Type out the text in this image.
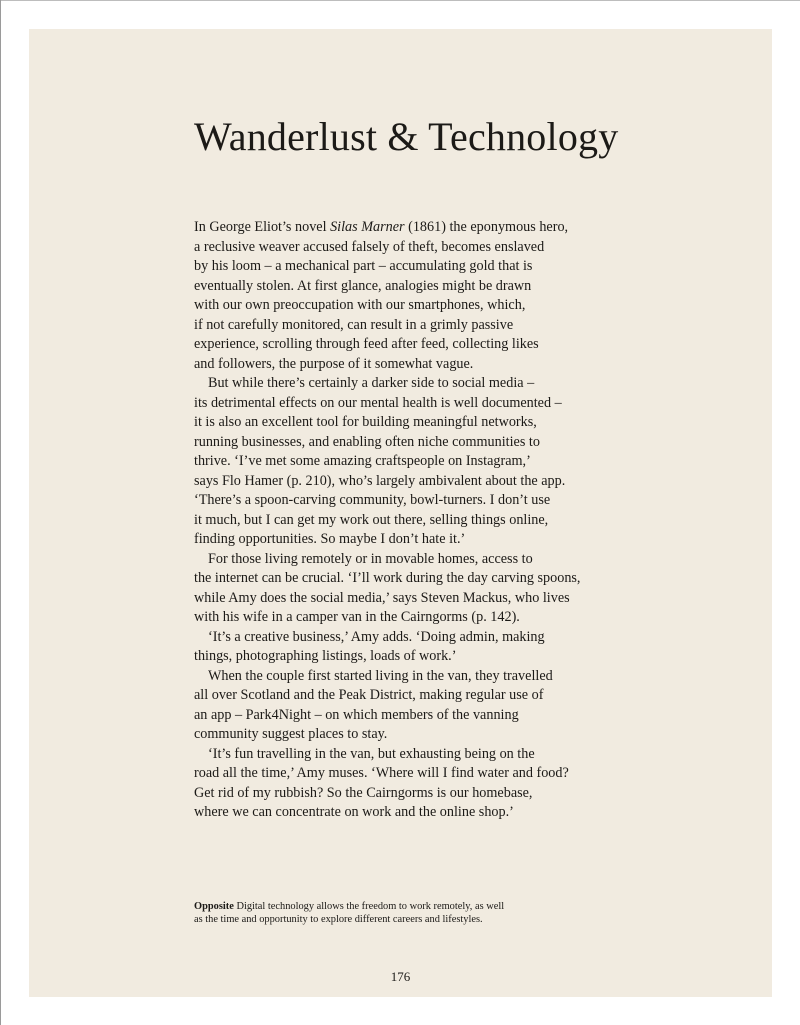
Wanderlust & Technology
In George Eliot’s novel Silas Marner (1861) the eponymous hero,
a reclusive weaver accused falsely of theft, becomes enslaved
by his loom – a mechanical part – accumulating gold that is
eventually stolen. At first glance, analogies might be drawn
with our own preoccupation with our smartphones, which,
if not carefully monitored, can result in a grimly passive
experience, scrolling through feed after feed, collecting likes
and followers, the purpose of it somewhat vague.
But while there’s certainly a darker side to social media –
its detrimental effects on our mental health is well documented –
it is also an excellent tool for building meaningful networks,
running businesses, and enabling often niche communities to
thrive. ‘I’ve met some amazing craftspeople on Instagram,’
says Flo Hamer (p. 210), who’s largely ambivalent about the app.
‘There’s a spoon-carving community, bowl-turners. I don’t use
it much, but I can get my work out there, selling things online,
finding opportunities. So maybe I don’t hate it.’
For those living remotely or in movable homes, access to
the internet can be crucial. ‘I’ll work during the day carving spoons,
while Amy does the social media,’ says Steven Mackus, who lives
with his wife in a camper van in the Cairngorms (p. 142).
‘It’s a creative business,’ Amy adds. ‘Doing admin, making
things, photographing listings, loads of work.’
When the couple first started living in the van, they travelled
all over Scotland and the Peak District, making regular use of
an app – Park4Night – on which members of the vanning
community suggest places to stay.
‘It’s fun travelling in the van, but exhausting being on the
road all the time,’ Amy muses. ‘Where will I find water and food?
Get rid of my rubbish? So the Cairngorms is our homebase,
where we can concentrate on work and the online shop.’
Opposite Digital technology allows the freedom to work remotely, as well
as the time and opportunity to explore different careers and lifestyles.
176
